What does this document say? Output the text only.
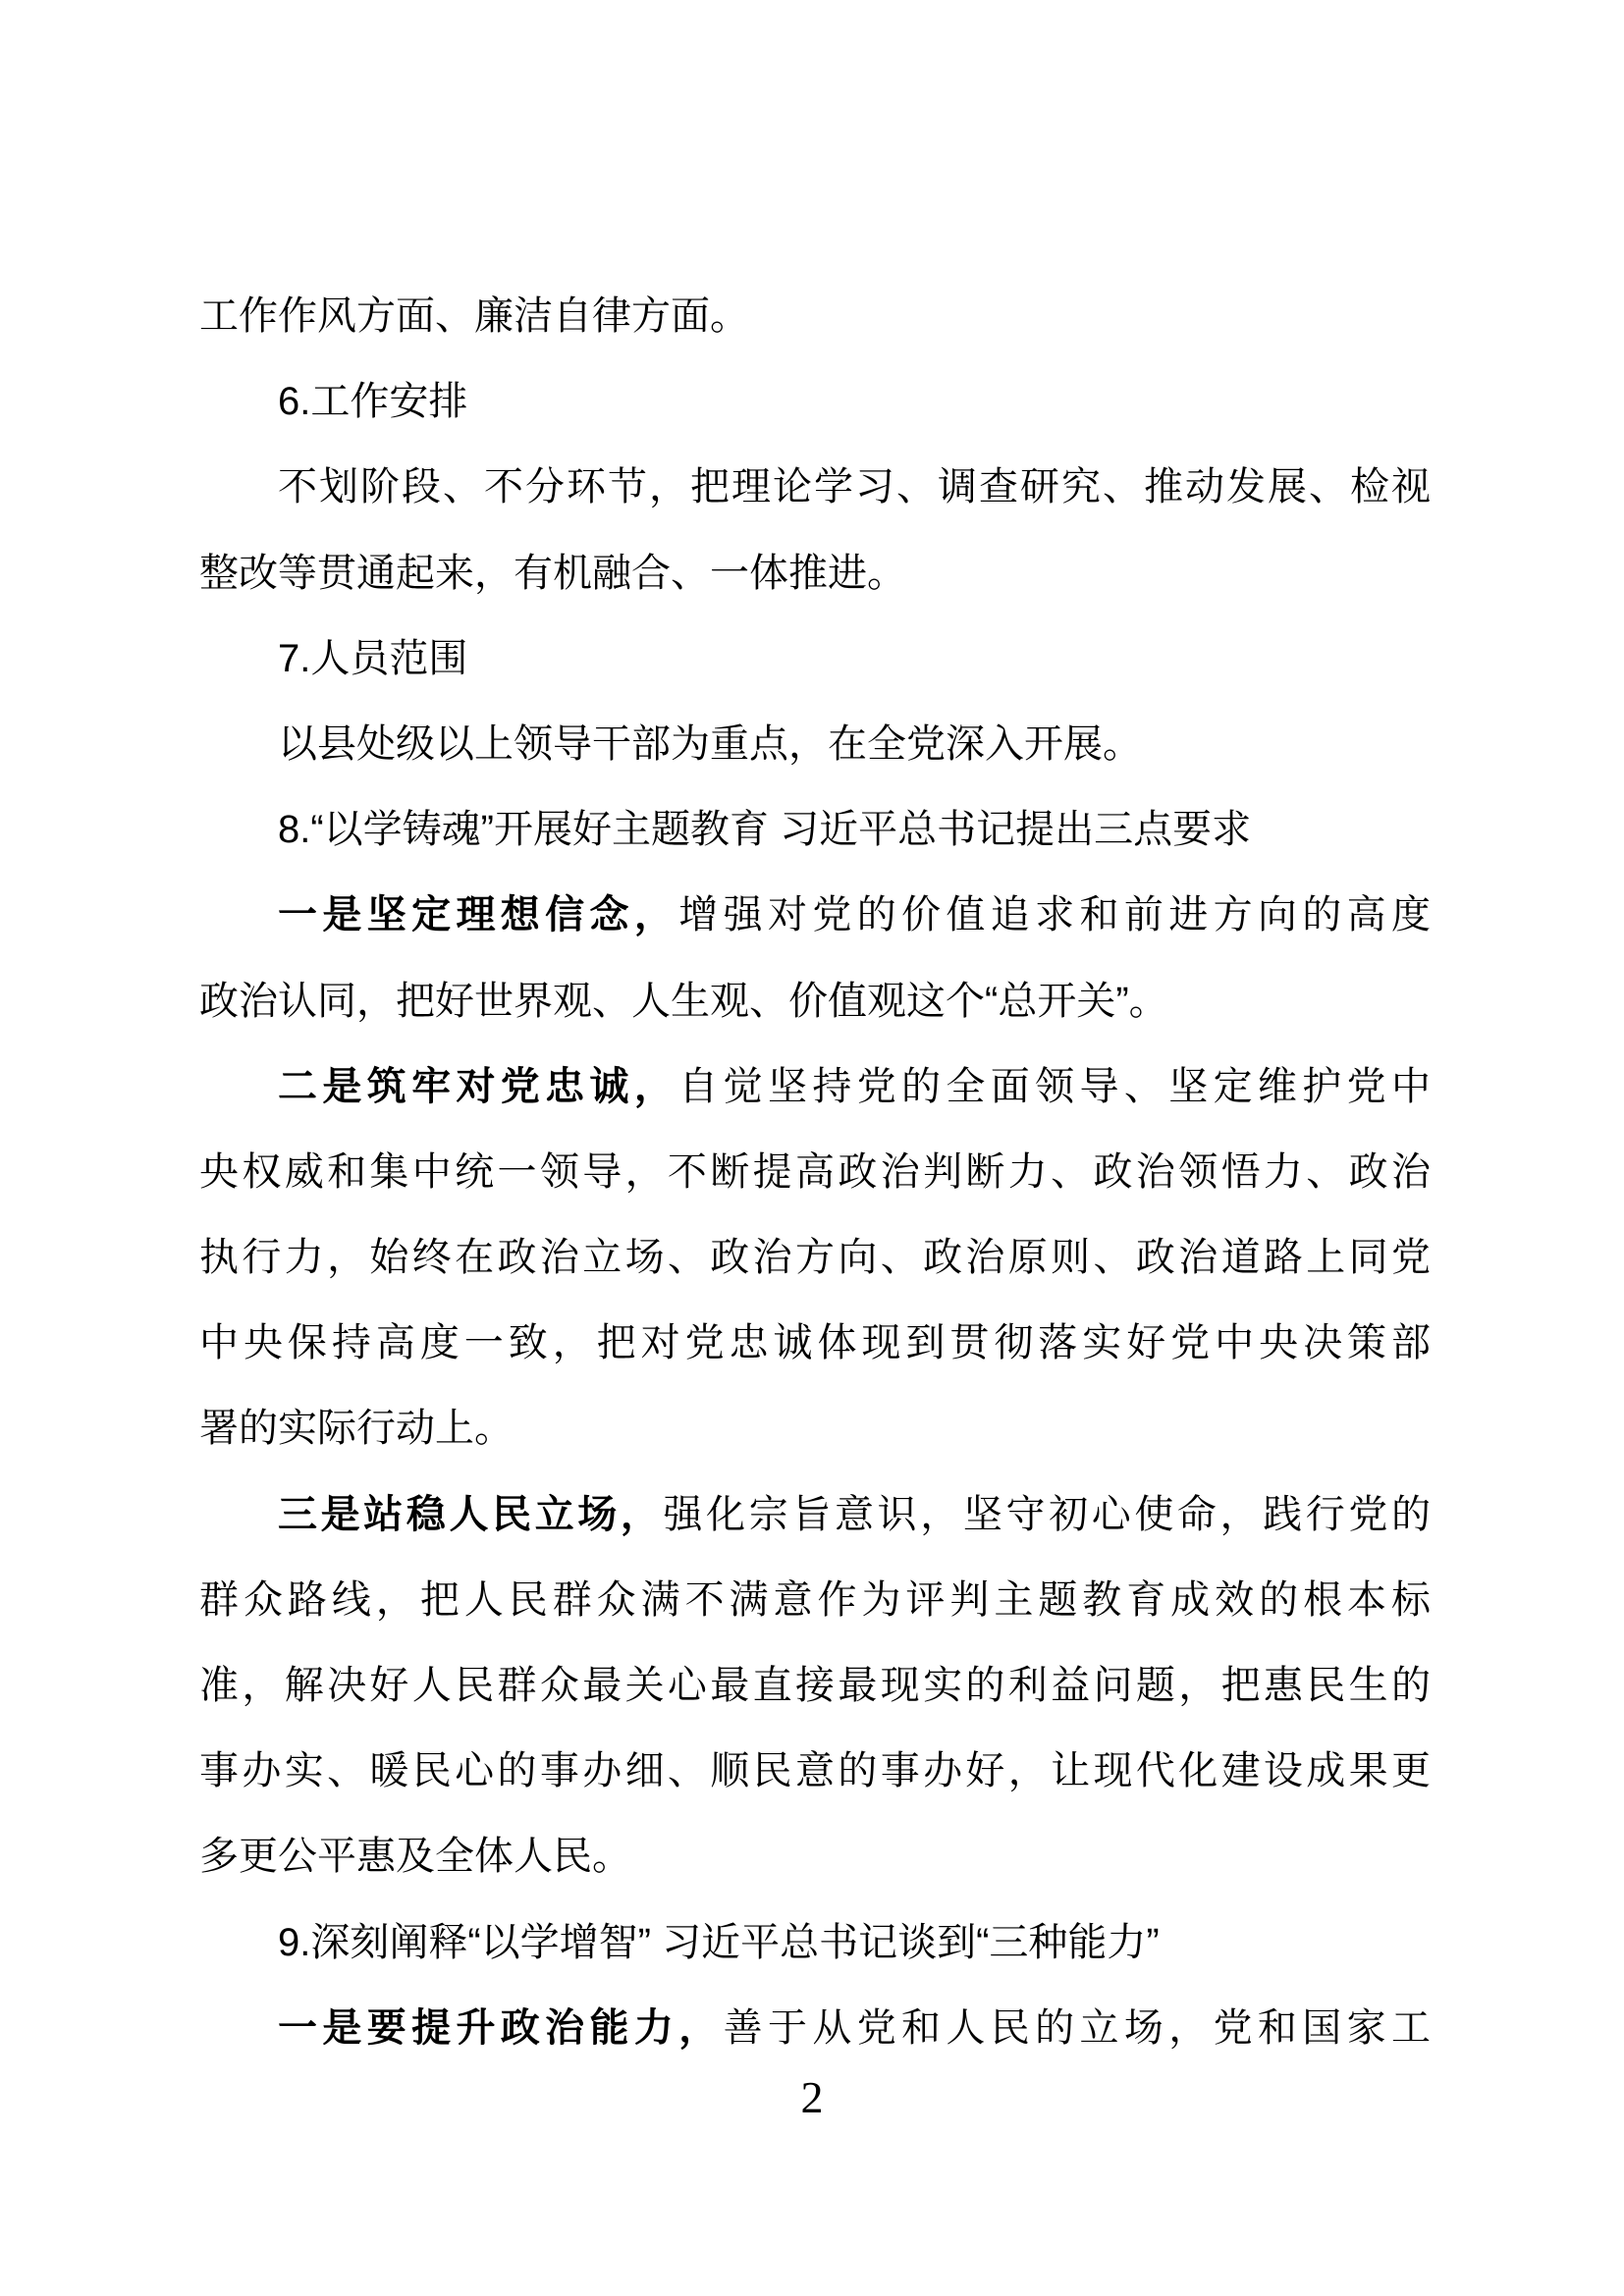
工作作风方面、廉洁自律方面。
6.工作安排
不划阶段、不分环节，把理论学习、调查研究、推动发展、检视
整改等贯通起来，有机融合、一体推进。
7.人员范围
以县处级以上领导干部为重点，在全党深入开展。
8.“以学铸魂”开展好主题教育 习近平总书记提出三点要求
一是坚定理想信念，增强对党的价值追求和前进方向的高度
政治认同，把好世界观、人生观、价值观这个“总开关”。
二是筑牢对党忠诚，自觉坚持党的全面领导、坚定维护党中
央权威和集中统一领导，不断提高政治判断力、政治领悟力、政治
执行力，始终在政治立场、政治方向、政治原则、政治道路上同党
中央保持高度一致，把对党忠诚体现到贯彻落实好党中央决策部
署的实际行动上。
三是站稳人民立场，强化宗旨意识，坚守初心使命，践行党的
群众路线，把人民群众满不满意作为评判主题教育成效的根本标
准，解决好人民群众最关心最直接最现实的利益问题，把惠民生的
事办实、暖民心的事办细、顺民意的事办好，让现代化建设成果更
多更公平惠及全体人民。
9.深刻阐释“以学增智” 习近平总书记谈到“三种能力”
一是要提升政治能力，善于从党和人民的立场，党和国家工
2
